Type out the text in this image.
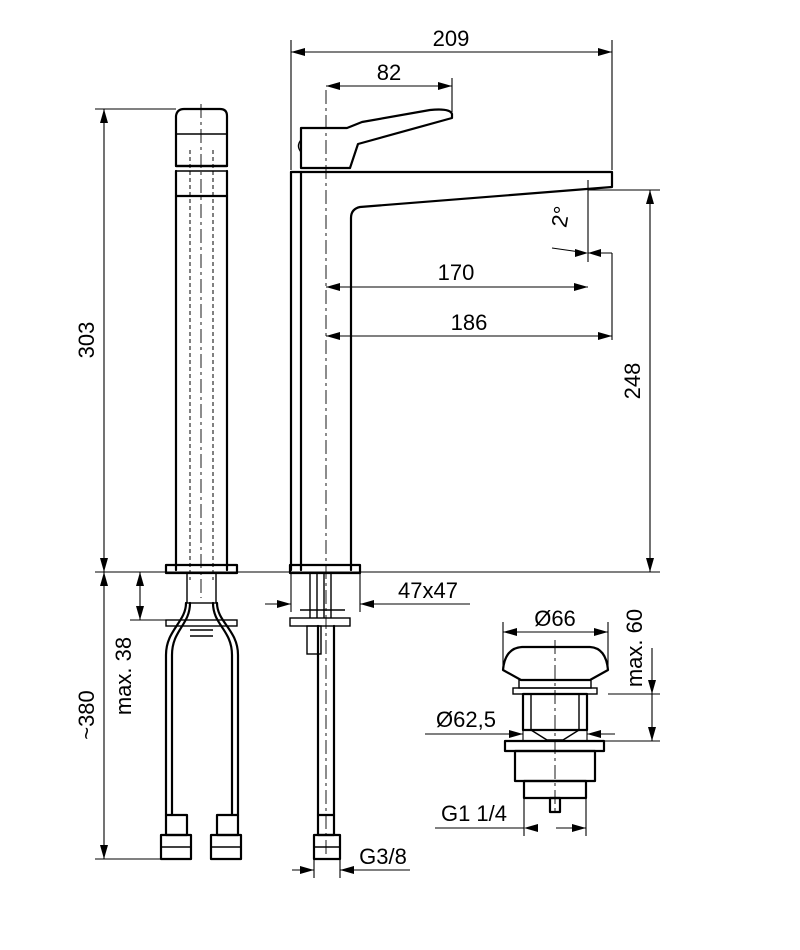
209
82
2°
170
186
248
303
~380 max. 38
47x47
G3/8
Ø66 max. 60
Ø62,5
G1 1/4
